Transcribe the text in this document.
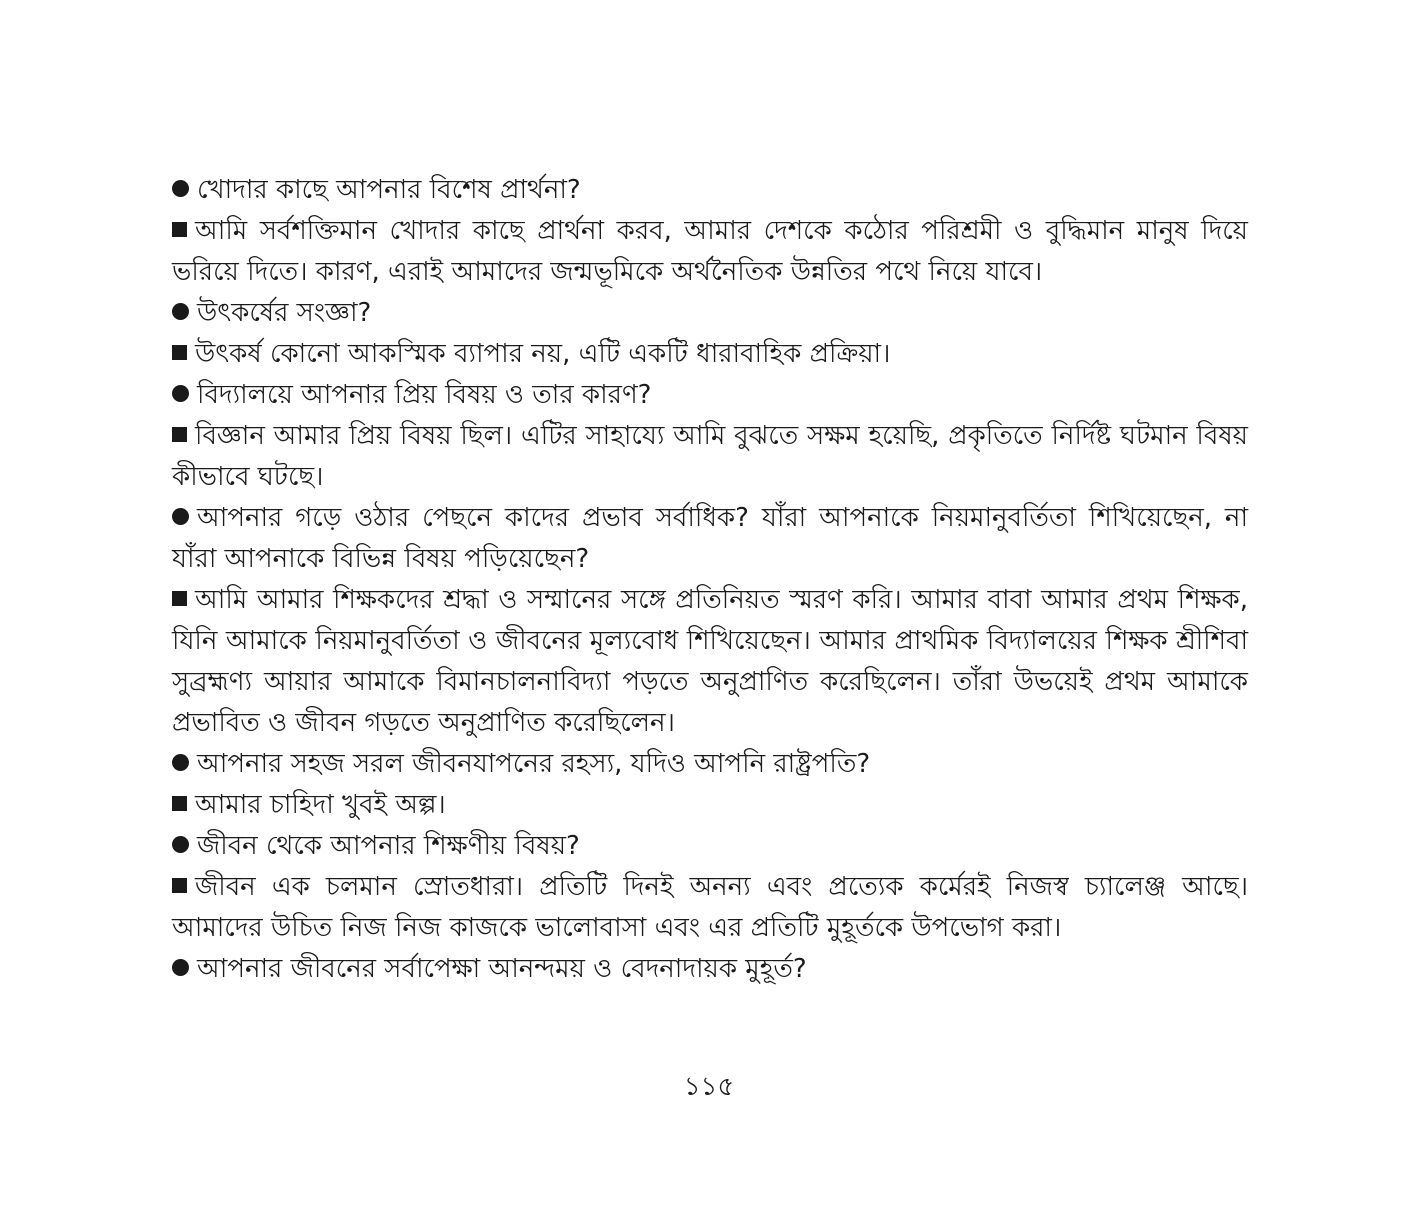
খোদার কাছে আপনার বিশেষ প্রার্থনা?

আমি সর্বশক্তিমান খোদার কাছে প্রার্থনা করব, আমার দেশকে কঠোর পরিশ্রমী ও বুদ্ধিমান মানুষ দিয়ে ভরিয়ে দিতে। কারণ, এরাই আমাদের জন্মভূমিকে অর্থনৈতিক উন্নতির পথে নিয়ে যাবে।

উৎকর্ষের সংজ্ঞা?

উৎকর্ষ কোনো আকস্মিক ব্যাপার নয়, এটি একটি ধারাবাহিক প্রক্রিয়া।

বিদ্যালয়ে আপনার প্রিয় বিষয় ও তার কারণ?

বিজ্ঞান আমার প্রিয় বিষয় ছিল। এটির সাহায্যে আমি বুঝতে সক্ষম হয়েছি, প্রকৃতিতে নির্দিষ্ট ঘটমান বিষয় কীভাবে ঘটছে।

আপনার গড়ে ওঠার পেছনে কাদের প্রভাব সর্বাধিক? যাঁরা আপনাকে নিয়মানুবর্তিতা শিখিয়েছেন, না যাঁরা আপনাকে বিভিন্ন বিষয় পড়িয়েছেন?

আমি আমার শিক্ষকদের শ্রদ্ধা ও সম্মানের সঙ্গে প্রতিনিয়ত স্মরণ করি। আমার বাবা আমার প্রথম শিক্ষক, যিনি আমাকে নিয়মানুবর্তিতা ও জীবনের মূল্যবোধ শিখিয়েছেন। আমার প্রাথমিক বিদ্যালয়ের শিক্ষক শ্রীশিবা সুব্রহ্মণ্য আয়ার আমাকে বিমানচালনাবিদ্যা পড়তে অনুপ্রাণিত করেছিলেন। তাঁরা উভয়েই প্রথম আমাকে প্রভাবিত ও জীবন গড়তে অনুপ্রাণিত করেছিলেন।

আপনার সহজ সরল জীবনযাপনের রহস্য, যদিও আপনি রাষ্ট্রপতি?

আমার চাহিদা খুবই অল্প।

জীবন থেকে আপনার শিক্ষণীয় বিষয়?

জীবন এক চলমান স্রোতধারা। প্রতিটি দিনই অনন্য এবং প্রত্যেক কর্মেরই নিজস্ব চ্যালেঞ্জ আছে। আমাদের উচিত নিজ নিজ কাজকে ভালোবাসা এবং এর প্রতিটি মুহূর্তকে উপভোগ করা।

আপনার জীবনের সর্বাপেক্ষা আনন্দময় ও বেদনাদায়ক মুহূর্ত?

১১৫
